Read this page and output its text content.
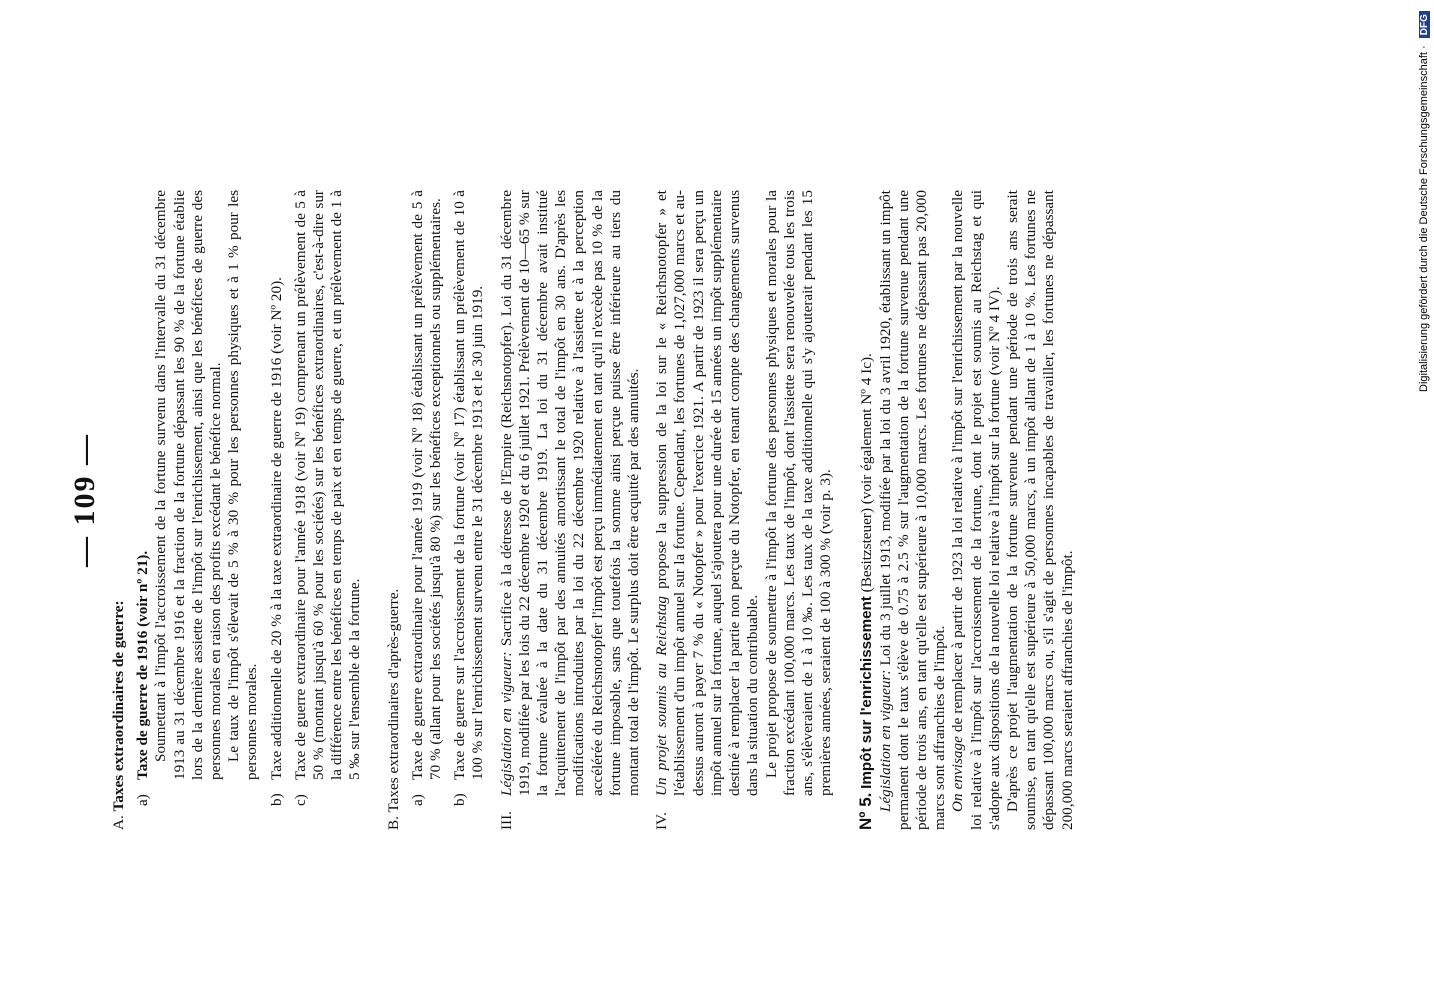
— 109 —

A. Taxes extraordinaires de guerre: a)

Taxe de guerre de 1916 (voir nº 21). Soumettant à l'impôt l'accroissement de la fortune survenu dans l'intervalle du 31 décembre 1913 au 31 décembre 1916 et la fraction de la fortune dépassant les 90 % de la fortune établie lors de la dernière assiette de l'impôt sur l'enrichissement, ainsi que les bénéfices de guerre des personnes morales en raison des profits excédant le bénéfice normal. Le taux de l'impôt s'élevait de 5 % à 30 % pour les personnes physiques et à 1 % pour les personnes morales.

b)

Taxe additionnelle de 20 % à la taxe extraordinaire de guerre de 1916 (voir Nº 20).

c)

Taxe de guerre extraordinaire pour l'année 1918 (voir Nº 19) comprenant un prélèvement de 5 à 50 % (montant jusqu'à 60 % pour les sociétés) sur les bénéfices extraordinaires, c'est-à-dire sur la différence entre les bénéfices en temps de paix et en temps de guerre, et un prélèvement de 1 à 5 ‰ sur l'ensemble de la fortune.

B. Taxes extraordinaires d'après-guerre. a)

Taxe de guerre extraordinaire pour l'année 1919 (voir Nº 18) établissant un prélèvement de 5 à 70 % (allant pour les sociétés jusqu'à 80 %) sur les bénéfices exceptionnels ou supplémentaires.

b)

Taxe de guerre sur l'accroissement de la fortune (voir Nº 17) établissant un prélèvement de 10 à 100 % sur l'enrichissement survenu entre le 31 décembre 1913 et le 30 juin 1919.

III.

Législation en vigueur: Sacrifice à la détresse de l'Empire (Reichsnotopfer). Loi du 31 décembre 1919, modifiée par les lois du 22 décembre 1920 et du 6 juillet 1921. Prélèvement de 10—65 % sur la fortune évaluée à la date du 31 décembre 1919. La loi du 31 décembre avait institué l'acquittement de l'impôt par des annuités amortissant le total de l'impôt en 30 ans. D'après les modifications introduites par la loi du 22 décembre 1920 relative à l'assiette et à la perception accélérée du Reichsnotopfer l'impôt est perçu immédiatement en tant qu'il n'excède pas 10 % de la fortune imposable, sans que toutefois la somme ainsi perçue puisse être inférieure au tiers du montant total de l'impôt. Le surplus doit être acquitté par des annuités.

IV.

Un projet soumis au Reichstag propose la suppression de la loi sur le « Reichsnotopfer » et l'établissement d'un impôt annuel sur la fortune. Cependant, les fortunes de 1,027,000 marcs et au-dessus auront à payer 7 % du « Notopfer » pour l'exercice 1921. A partir de 1923 il sera perçu un impôt annuel sur la fortune, auquel s'ajoutera pour une durée de 15 années un impôt supplémentaire destiné à remplacer la partie non perçue du Notopfer, en tenant compte des changements survenus dans la situation du contribuable. Le projet propose de soumettre à l'impôt la fortune des personnes physiques et morales pour la fraction excédant 100,000 marcs. Les taux de l'impôt, dont l'assiette sera renouvelée tous les trois ans, s'élèveraient de 1 à 10 ‰. Les taux de la taxe additionnelle qui s'y ajouterait pendant les 15 premières années, seraient de 100 à 300 % (voir p. 3).

Nº 5. Impôt sur l'enrichissement (Besitzsteuer) (voir également Nº 4 Ic).

Législation en vigueur: Loi du 3 juillet 1913, modifiée par la loi du 3 avril 1920, établissant un impôt permanent dont le taux s'élève de 0.75 à 2.5 % sur l'augmentation de la fortune survenue pendant une période de trois ans, en tant qu'elle est supérieure à 10,000 marcs. Les fortunes ne dépassant pas 20,000 marcs sont affranchies de l'impôt. On envisage de remplacer à partir de 1923 la loi relative à l'impôt sur l'enrichissement par la nouvelle loi relative à l'impôt sur l'accroissement de la fortune, dont le projet est soumis au Reichstag et qui s'adopte aux dispositions de la nouvelle loi relative à l'impôt sur la fortune (voir Nº 4 IV). D'après ce projet l'augmentation de la fortune survenue pendant une période de trois ans serait soumise, en tant qu'elle est supérieure à 50,000 marcs, à un impôt allant de 1 à 10 %. Les fortunes ne dépassant 100,000 marcs ou, s'il s'agit de personnes incapables de travailler, les fortunes ne dépassant 200,000 marcs seraient affranchies de l'impôt.

Digitalisierung gefördert durch die Deutsche Forschungsgemeinschaft · DFG
